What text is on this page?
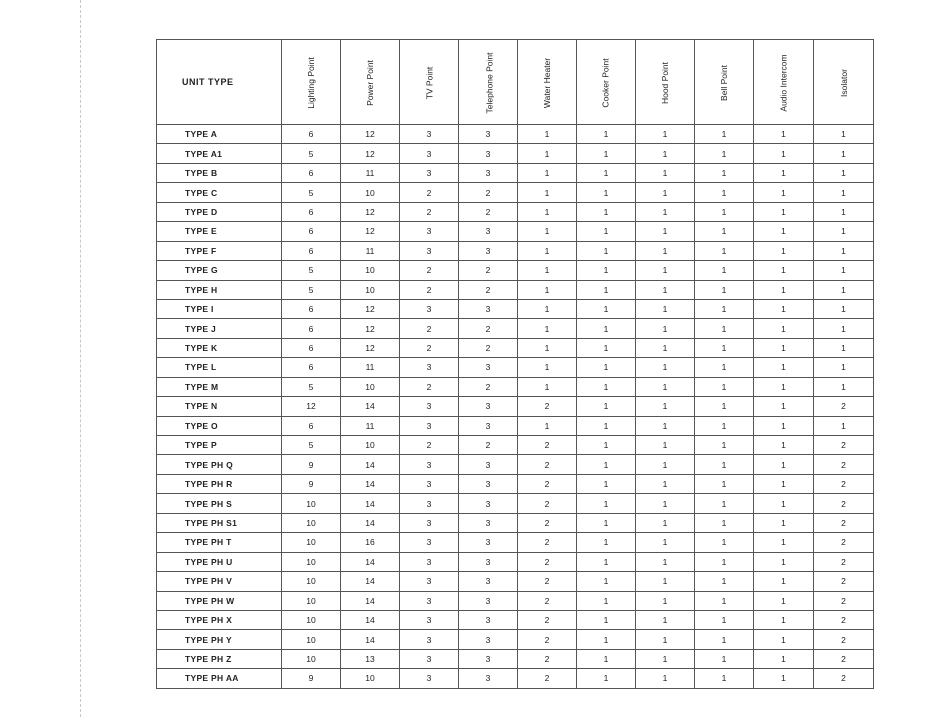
UNIT TYPE	Lighting Point	Power Point	TV Point	Telephone Point	Water Heater	Cooker Point	Hood Point	Bell Point	Audio Intercom	Isolator
TYPE A	6	12	3	3	1	1	1	1	1	1
TYPE A1	5	12	3	3	1	1	1	1	1	1
TYPE B	6	11	3	3	1	1	1	1	1	1
TYPE C	5	10	2	2	1	1	1	1	1	1
TYPE D	6	12	2	2	1	1	1	1	1	1
TYPE E	6	12	3	3	1	1	1	1	1	1
TYPE F	6	11	3	3	1	1	1	1	1	1
TYPE G	5	10	2	2	1	1	1	1	1	1
TYPE H	5	10	2	2	1	1	1	1	1	1
TYPE I	6	12	3	3	1	1	1	1	1	1
TYPE J	6	12	2	2	1	1	1	1	1	1
TYPE K	6	12	2	2	1	1	1	1	1	1
TYPE L	6	11	3	3	1	1	1	1	1	1
TYPE M	5	10	2	2	1	1	1	1	1	1
TYPE N	12	14	3	3	2	1	1	1	1	2
TYPE O	6	11	3	3	1	1	1	1	1	1
TYPE P	5	10	2	2	2	1	1	1	1	2
TYPE PH Q	9	14	3	3	2	1	1	1	1	2
TYPE PH R	9	14	3	3	2	1	1	1	1	2
TYPE PH S	10	14	3	3	2	1	1	1	1	2
TYPE PH S1	10	14	3	3	2	1	1	1	1	2
TYPE PH T	10	16	3	3	2	1	1	1	1	2
TYPE PH U	10	14	3	3	2	1	1	1	1	2
TYPE PH V	10	14	3	3	2	1	1	1	1	2
TYPE PH W	10	14	3	3	2	1	1	1	1	2
TYPE PH X	10	14	3	3	2	1	1	1	1	2
TYPE PH Y	10	14	3	3	2	1	1	1	1	2
TYPE PH Z	10	13	3	3	2	1	1	1	1	2
TYPE PH AA	9	10	3	3	2	1	1	1	1	2
